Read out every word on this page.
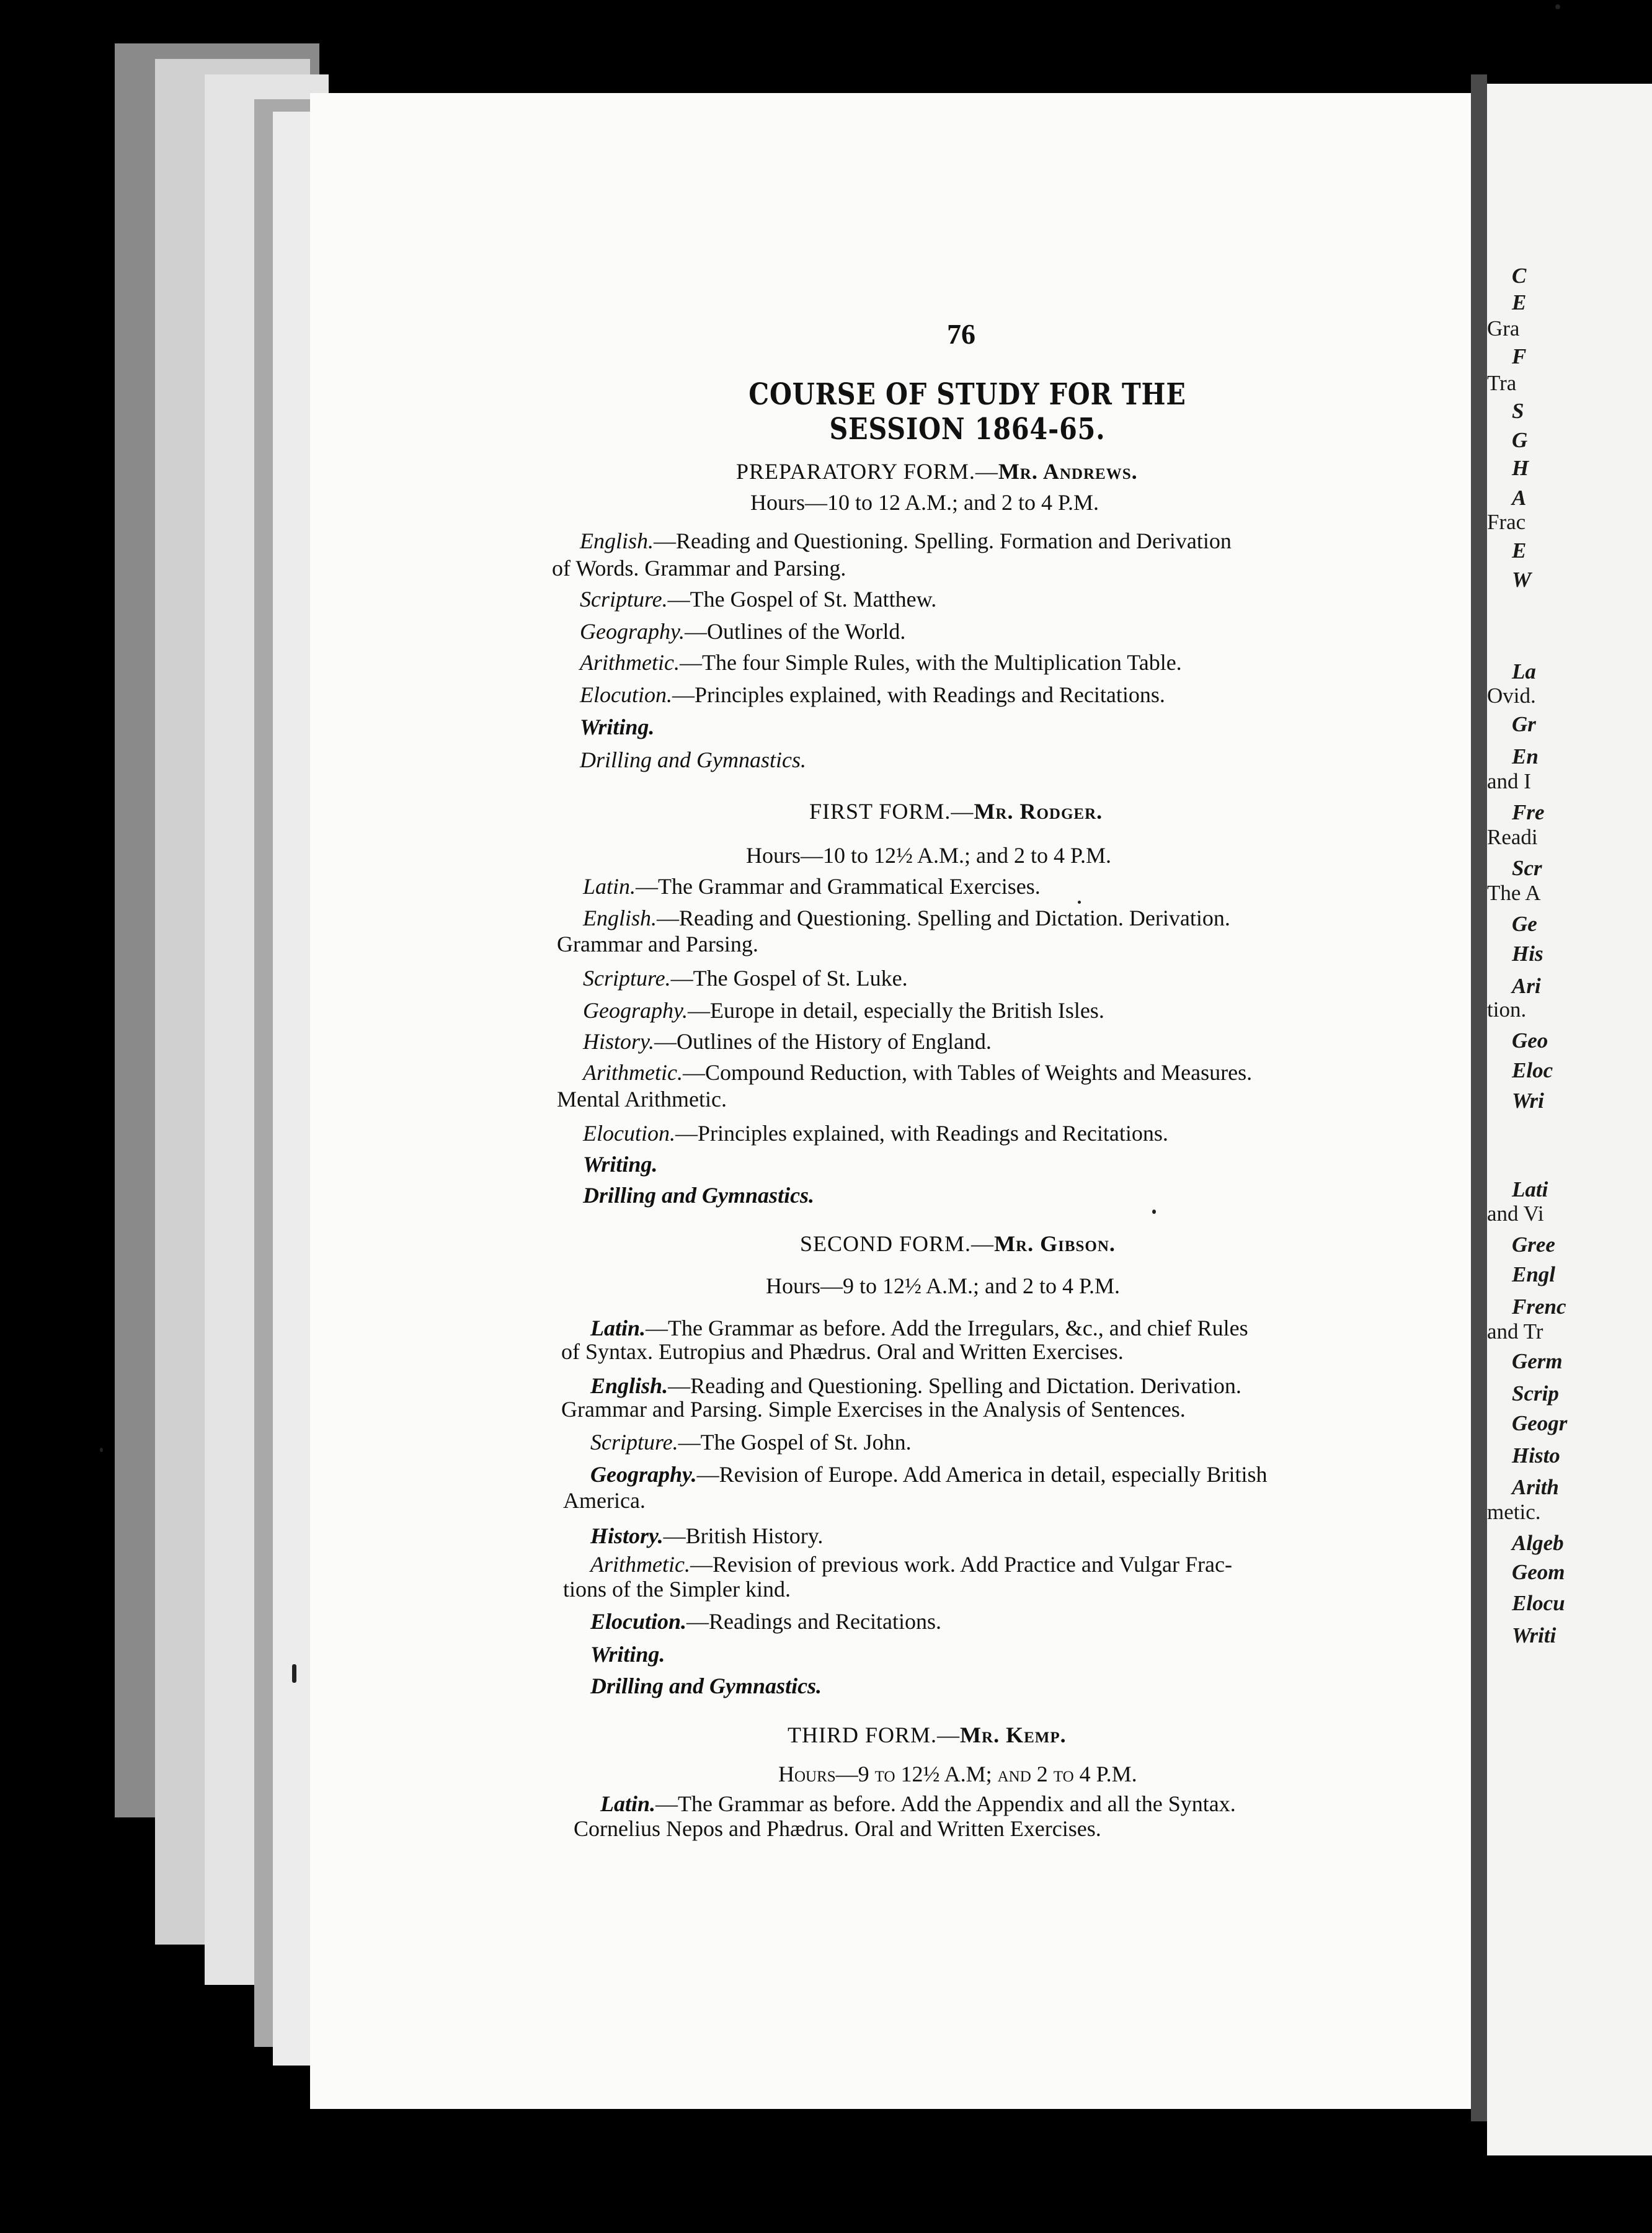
C
E
Gra
F
Tra
S
G
H
A
Frac
E
W
La
Ovid.
Gr
En
and I
Fre
Readi
Scr
The A
Ge
His
Ari
tion.
Geo
Eloc
Wri
Lati
and Vi
Gree
Engl
Frenc
and Tr
Germ
Scrip
Geogr
Histo
Arith
metic.
Algeb
Geom
Elocu
Writi
76
COURSE OF STUDY FOR THE SESSION 1864-65.
PREPARATORY FORM.—Mr. Andrews.
Hours—10 to 12 A.M.; and 2 to 4 P.M.
English.—Reading and Questioning. Spelling. Formation and Derivation
of Words. Grammar and Parsing.
Scripture.—The Gospel of St. Matthew.
Geography.—Outlines of the World.
Arithmetic.—The four Simple Rules, with the Multiplication Table.
Elocution.—Principles explained, with Readings and Recitations.
Writing.
Drilling and Gymnastics.
FIRST FORM.—Mr. Rodger.
Hours—10 to 12½ A.M.; and 2 to 4 P.M.
Latin.—The Grammar and Grammatical Exercises.
English.—Reading and Questioning. Spelling and Dictation. Derivation.
Grammar and Parsing.
Scripture.—The Gospel of St. Luke.
Geography.—Europe in detail, especially the British Isles.
History.—Outlines of the History of England.
Arithmetic.—Compound Reduction, with Tables of Weights and Measures.
Mental Arithmetic.
Elocution.—Principles explained, with Readings and Recitations.
Writing.
Drilling and Gymnastics.
SECOND FORM.—Mr. Gibson.
Hours—9 to 12½ A.M.; and 2 to 4 P.M.
Latin.—The Grammar as before. Add the Irregulars, &c., and chief Rules
of Syntax. Eutropius and Phædrus. Oral and Written Exercises.
English.—Reading and Questioning. Spelling and Dictation. Derivation.
Grammar and Parsing. Simple Exercises in the Analysis of Sentences.
Scripture.—The Gospel of St. John.
Geography.—Revision of Europe. Add America in detail, especially British
America.
History.—British History.
Arithmetic.—Revision of previous work. Add Practice and Vulgar Frac-
tions of the Simpler kind.
Elocution.—Readings and Recitations.
Writing.
Drilling and Gymnastics.
THIRD FORM.—Mr. Kemp.
Hours—9 to 12½ A.M; and 2 to 4 P.M.
Latin.—The Grammar as before. Add the Appendix and all the Syntax.
Cornelius Nepos and Phædrus. Oral and Written Exercises.
